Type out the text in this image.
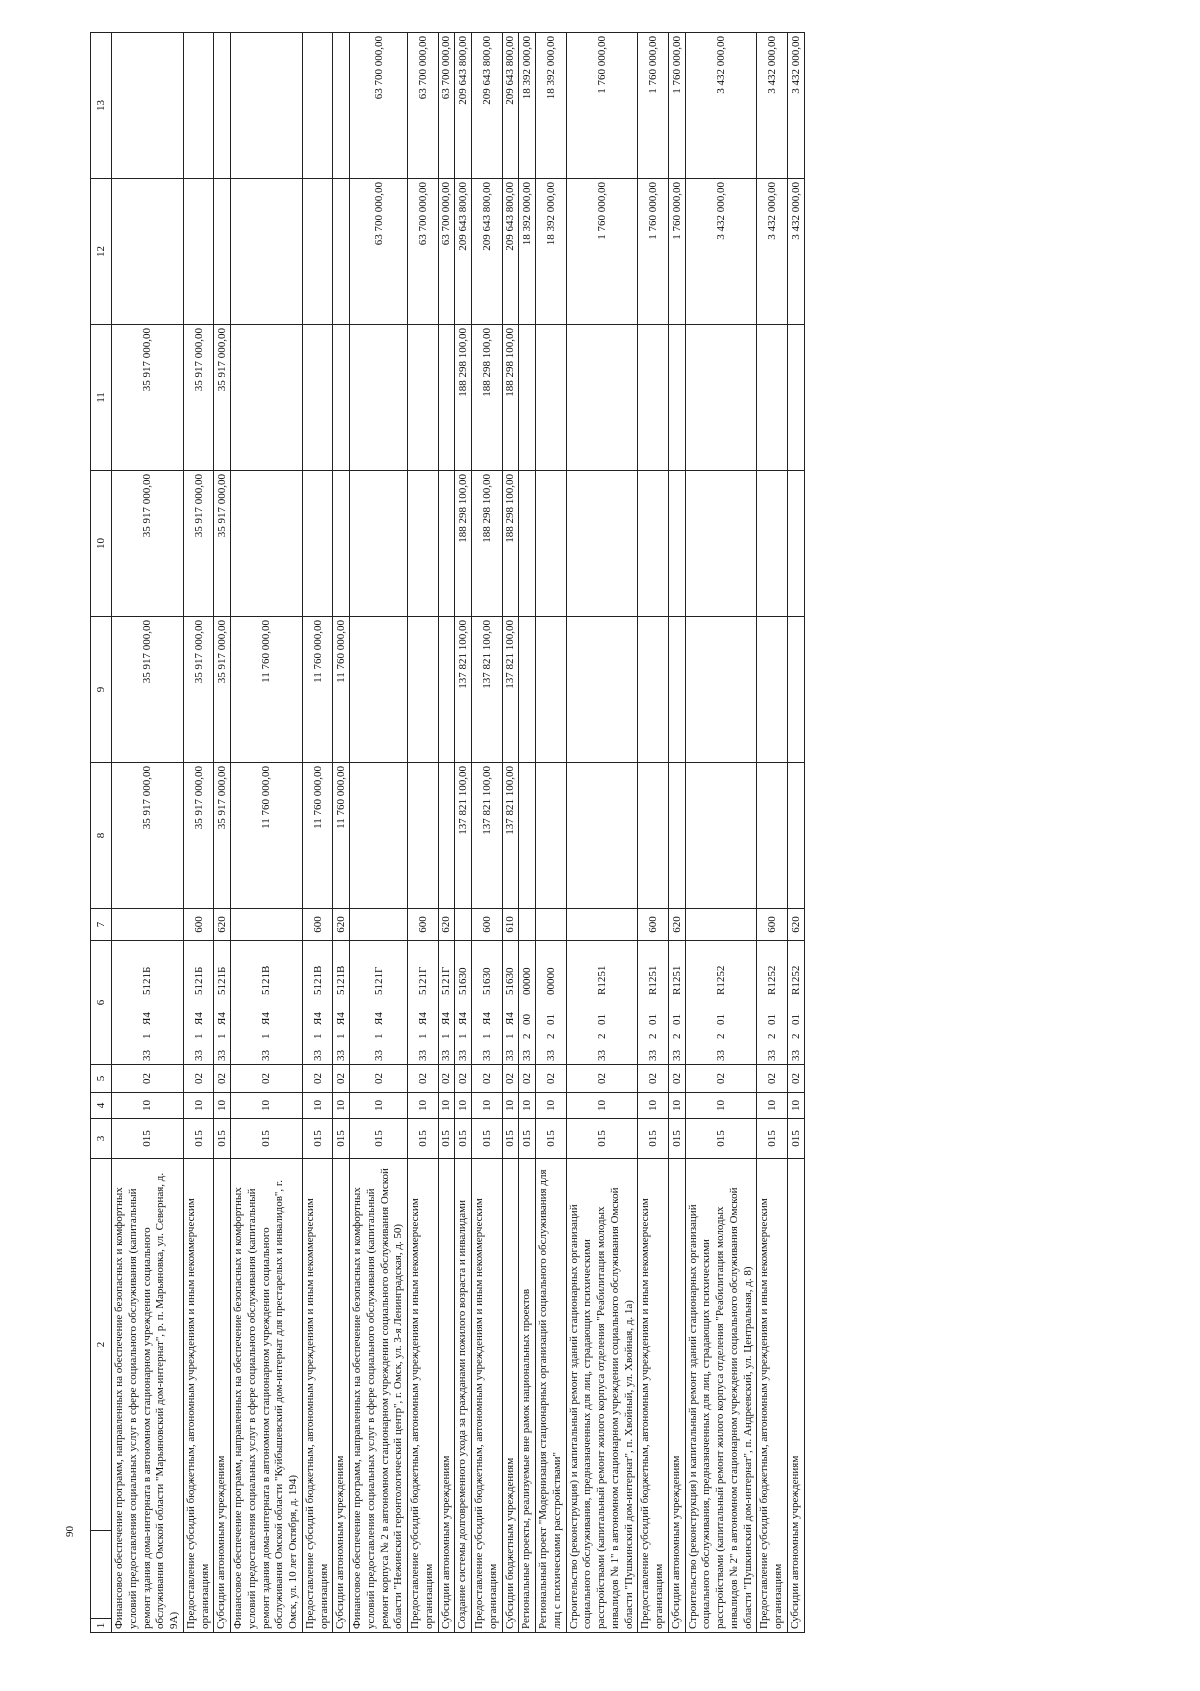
90
1		2	3	4	5	6	7	8	9	10	11	12	13
Финансовое обеспечение программ, направленных на обеспечение безопасных и комфортных условий предоставления социальных услуг в сфере социального обслуживания (капитальный ремонт здания дома-интерната в автономном стационарном учреждении социального обслуживания Омской области "Марьяновский дом-интернат", р. п. Марьяновка, ул. Северная, д. 9А)			015	10	02	331Я45121Б		35 917 000,00	35 917 000,00	35 917 000,00	35 917 000,00		
Предоставление субсидий бюджетным, автономным учреждениям и иным некоммерческим организациям			015	10	02	331Я45121Б	600	35 917 000,00	35 917 000,00	35 917 000,00	35 917 000,00		
Субсидии автономным учреждениям			015	10	02	331Я45121Б	620	35 917 000,00	35 917 000,00	35 917 000,00	35 917 000,00		
Финансовое обеспечение программ, направленных на обеспечение безопасных и комфортных условий предоставления социальных услуг в сфере социального обслуживания (капитальный ремонт здания дома-интерната в автономном стационарном учреждении социального обслуживания Омской области "Куйбышевский дом-интернат для престарелых и инвалидов", г. Омск, ул. 10 лет Октября, д. 194)			015	10	02	331Я45121В		11 760 000,00	11 760 000,00				
Предоставление субсидий бюджетным, автономным учреждениям и иным некоммерческим организациям			015	10	02	331Я45121В	600	11 760 000,00	11 760 000,00				
Субсидии автономным учреждениям			015	10	02	331Я45121В	620	11 760 000,00	11 760 000,00				
Финансовое обеспечение программ, направленных на обеспечение безопасных и комфортных условий предоставления социальных услуг в сфере социального обслуживания (капитальный ремонт корпуса № 2 в автономном стационарном учреждении социального обслуживания Омской области "Нежинский геронтологический центр", г. Омск, ул. 3-я Ленинградская, д. 50)			015	10	02	331Я45121Г						63 700 000,00	63 700 000,00
Предоставление субсидий бюджетным, автономным учреждениям и иным некоммерческим организациям			015	10	02	331Я45121Г	600					63 700 000,00	63 700 000,00
Субсидии автономным учреждениям			015	10	02	331Я45121Г	620					63 700 000,00	63 700 000,00
Создание системы долговременного ухода за гражданами пожилого возраста и инвалидами			015	10	02	331Я451630		137 821 100,00	137 821 100,00	188 298 100,00	188 298 100,00	209 643 800,00	209 643 800,00
Предоставление субсидий бюджетным, автономным учреждениям и иным некоммерческим организациям			015	10	02	331Я451630	600	137 821 100,00	137 821 100,00	188 298 100,00	188 298 100,00	209 643 800,00	209 643 800,00
Субсидии бюджетным учреждениям			015	10	02	331Я451630	610	137 821 100,00	137 821 100,00	188 298 100,00	188 298 100,00	209 643 800,00	209 643 800,00
Региональные проекты, реализуемые вне рамок национальных проектов			015	10	02	3320000000						18 392 000,00	18 392 000,00
Региональный проект "Модернизация стационарных организаций социального обслуживания для лиц с психическими расстройствами"			015	10	02	3320100000						18 392 000,00	18 392 000,00
Строительство (реконструкция) и капитальный ремонт зданий стационарных организаций социального обслуживания, предназначенных для лиц, страдающих психическими расстройствами (капитальный ремонт жилого корпуса отделения "Реабилитация молодых инвалидов № 1" в автономном стационарном учреждении социального обслуживания Омской области "Пушкинский дом-интернат", п. Хвойный, ул. Хвойная, д. 1а)			015	10	02	33201R1251						1 760 000,00	1 760 000,00
Предоставление субсидий бюджетным, автономным учреждениям и иным некоммерческим организациям			015	10	02	33201R1251	600					1 760 000,00	1 760 000,00
Субсидии автономным учреждениям			015	10	02	33201R1251	620					1 760 000,00	1 760 000,00
Строительство (реконструкция) и капитальный ремонт зданий стационарных организаций социального обслуживания, предназначенных для лиц, страдающих психическими расстройствами (капитальный ремонт жилого корпуса отделения "Реабилитация молодых инвалидов № 2" в автономном стационарном учреждении социального обслуживания Омской области "Пушкинский дом-интернат", п. Андреевский, ул. Центральная, д. 8)			015	10	02	33201R1252						3 432 000,00	3 432 000,00
Предоставление субсидий бюджетным, автономным учреждениям и иным некоммерческим организациям			015	10	02	33201R1252	600					3 432 000,00	3 432 000,00
Субсидии автономным учреждениям			015	10	02	33201R1252	620					3 432 000,00	3 432 000,00
